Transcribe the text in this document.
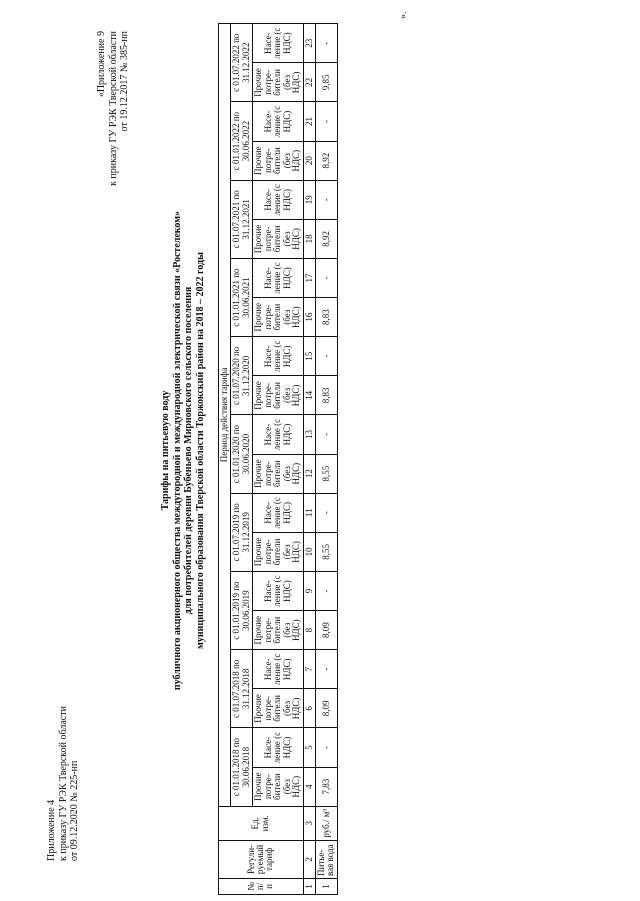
Приложение 4 к приказу ГУ РЭК Тверской области от 09.12.2020 № 225-нп
«Приложение 9 к приказу ГУ РЭК Тверской области от 19.12.2017 № 385-нп
Тарифы на питьевую воду публичного акционерного общества междугородной и международной электрической связи «Ростелеком» для потребителей деревни Бубеньево Мирновского сельского поселения муниципального образования Тверской области Торжокский район на 2018 – 2022 годы
№ п/ п	Регули-руемый тариф	Ед. изм.	Период действия тарифа																			
			с 01.01.2018 по 30.06.2018		с 01.07.2018 по 31.12.2018		с 01.01.2019 по 30.06.2019		с 01.07.2019 по 31.12.2019		с 01.01.2020 по 30.06.2020		с 01.07.2020 по 31.12.2020		с 01.01.2021 по 30.06.2021		с 01.07.2021 по 31.12.2021		с 01.01.2022 по 30.06.2022		с 01.07.2022 по 31.12.2022	
			Прочие потре-бители (без НДС)	Насе-ление (с НДС)	Прочие потре-бители (без НДС)	Насе-ление (с НДС)	Прочие потре-бители (без НДС)	Насе-ление (с НДС)	Прочие потре-бители (без НДС)	Насе-ление (с НДС)	Прочие потре-бители (без НДС)	Насе-ление (с НДС)	Прочие потре-бители (без НДС)	Насе-ление (с НДС)	Прочие потре-бители (без НДС)	Насе-ление (с НДС)	Прочие потре-бители (без НДС)	Насе-ление (с НДС)	Прочие потре-бители (без НДС)	Насе-ление (с НДС)	Прочие потре-бители (без НДС)	Насе-ление (с НДС)
1	2	3	4	5	6	7	8	9	10	11	12	13	14	15	16	17	18	19	20	21	22	23
1	Питье-вая вода	руб./ м³	7,83	-	8,09	-	8,09	-	8,55	-	8,55	-	8,83	-	8,83	-	8,92	-	8,92	-	9,85	-
».
